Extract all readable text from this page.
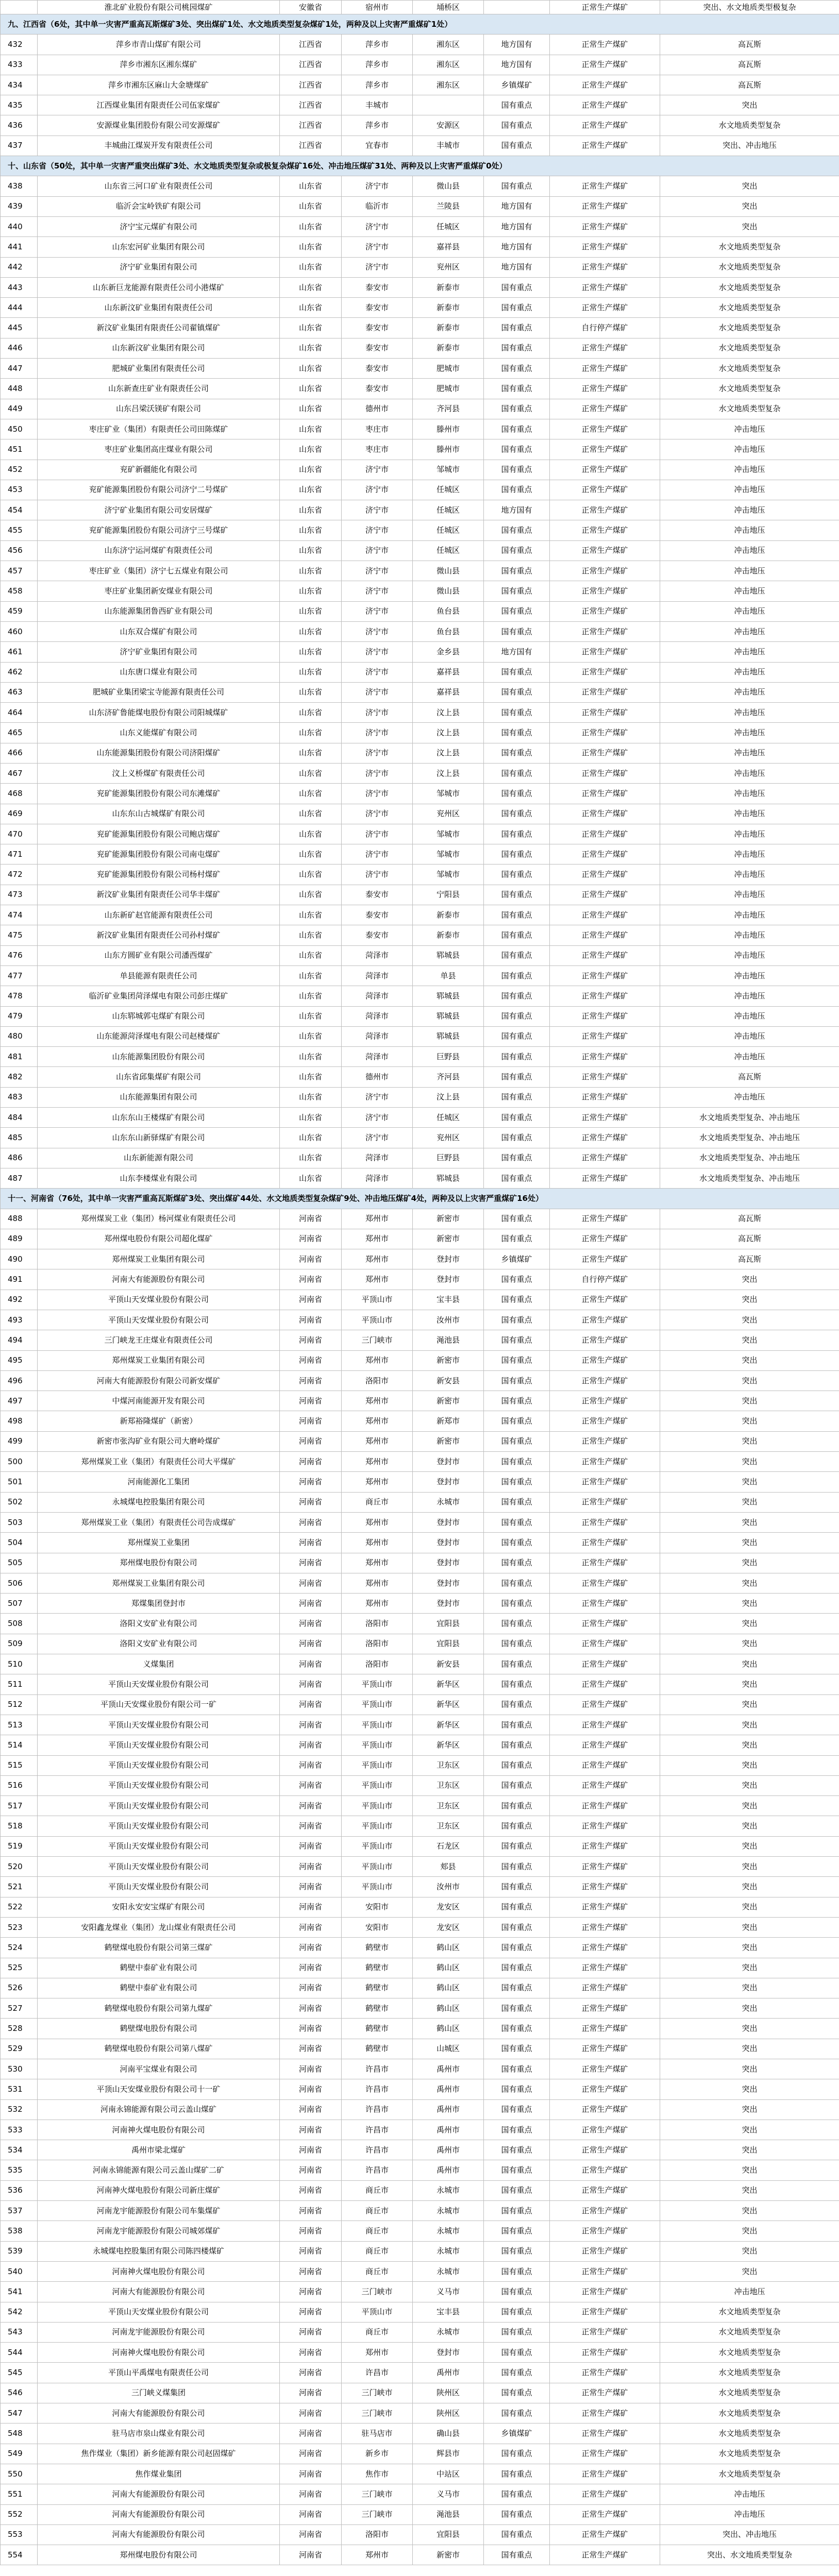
	淮北矿业股份有限公司桃园煤矿	安徽省	宿州市	埇桥区		正常生产煤矿	突出、水文地质类型极复杂
九、江西省（6处，其中单一灾害严重高瓦斯煤矿3处、突出煤矿1处、水文地质类型复杂煤矿1处，两种及以上灾害严重煤矿1处）							
432	萍乡市青山煤矿有限公司	江西省	萍乡市	湘东区	地方国有	正常生产煤矿	高瓦斯
433	萍乡市湘东区湘东煤矿	江西省	萍乡市	湘东区	地方国有	正常生产煤矿	高瓦斯
434	萍乡市湘东区麻山大金塘煤矿	江西省	萍乡市	湘东区	乡镇煤矿	正常生产煤矿	高瓦斯
435	江西煤业集团有限责任公司伍家煤矿	江西省	丰城市		国有重点	正常生产煤矿	突出
436	安源煤业集团股份有限公司安源煤矿	江西省	萍乡市	安源区	国有重点	正常生产煤矿	水文地质类型复杂
437	丰城曲江煤炭开发有限责任公司	江西省	宜春市	丰城市	国有重点	正常生产煤矿	突出、冲击地压
十、山东省（50处，其中单一灾害严重突出煤矿3处、水文地质类型复杂或极复杂煤矿16处、冲击地压煤矿31处、两种及以上灾害严重煤矿0处）							
438	山东省三河口矿业有限责任公司	山东省	济宁市	微山县	国有重点	正常生产煤矿	突出
439	临沂会宝岭铁矿有限公司	山东省	临沂市	兰陵县	地方国有	正常生产煤矿	突出
440	济宁宝元煤矿有限公司	山东省	济宁市	任城区	地方国有	正常生产煤矿	突出
441	山东宏河矿业集团有限公司	山东省	济宁市	嘉祥县	地方国有	正常生产煤矿	水文地质类型复杂
442	济宁矿业集团有限公司	山东省	济宁市	兖州区	地方国有	正常生产煤矿	水文地质类型复杂
443	山东新巨龙能源有限责任公司小港煤矿	山东省	泰安市	新泰市	国有重点	正常生产煤矿	水文地质类型复杂
444	山东新汶矿业集团有限责任公司	山东省	泰安市	新泰市	国有重点	正常生产煤矿	水文地质类型复杂
445	新汶矿业集团有限责任公司翟镇煤矿	山东省	泰安市	新泰市	国有重点	自行停产煤矿	水文地质类型复杂
446	山东新汶矿业集团有限公司	山东省	泰安市	新泰市	国有重点	正常生产煤矿	水文地质类型复杂
447	肥城矿业集团有限责任公司	山东省	泰安市	肥城市	国有重点	正常生产煤矿	水文地质类型复杂
448	山东新查庄矿业有限责任公司	山东省	泰安市	肥城市	国有重点	正常生产煤矿	水文地质类型复杂
449	山东吕梁沃镁矿有限公司	山东省	德州市	齐河县	国有重点	正常生产煤矿	水文地质类型复杂
450	枣庄矿业（集团）有限责任公司田陈煤矿	山东省	枣庄市	滕州市	国有重点	正常生产煤矿	冲击地压
451	枣庄矿业集团高庄煤业有限公司	山东省	枣庄市	滕州市	国有重点	正常生产煤矿	冲击地压
452	兖矿新疆能化有限公司	山东省	济宁市	邹城市	国有重点	正常生产煤矿	冲击地压
453	兖矿能源集团股份有限公司济宁二号煤矿	山东省	济宁市	任城区	国有重点	正常生产煤矿	冲击地压
454	济宁矿业集团有限公司安居煤矿	山东省	济宁市	任城区	地方国有	正常生产煤矿	冲击地压
455	兖矿能源集团股份有限公司济宁三号煤矿	山东省	济宁市	任城区	国有重点	正常生产煤矿	冲击地压
456	山东济宁运河煤矿有限责任公司	山东省	济宁市	任城区	国有重点	正常生产煤矿	冲击地压
457	枣庄矿业（集团）济宁七五煤业有限公司	山东省	济宁市	微山县	国有重点	正常生产煤矿	冲击地压
458	枣庄矿业集团新安煤业有限公司	山东省	济宁市	微山县	国有重点	正常生产煤矿	冲击地压
459	山东能源集团鲁西矿业有限公司	山东省	济宁市	鱼台县	国有重点	正常生产煤矿	冲击地压
460	山东双合煤矿有限公司	山东省	济宁市	鱼台县	国有重点	正常生产煤矿	冲击地压
461	济宁矿业集团有限公司	山东省	济宁市	金乡县	地方国有	正常生产煤矿	冲击地压
462	山东唐口煤业有限公司	山东省	济宁市	嘉祥县	国有重点	正常生产煤矿	冲击地压
463	肥城矿业集团梁宝寺能源有限责任公司	山东省	济宁市	嘉祥县	国有重点	正常生产煤矿	冲击地压
464	山东济矿鲁能煤电股份有限公司阳城煤矿	山东省	济宁市	汶上县	国有重点	正常生产煤矿	冲击地压
465	山东义能煤矿有限公司	山东省	济宁市	汶上县	国有重点	正常生产煤矿	冲击地压
466	山东能源集团股份有限公司济阳煤矿	山东省	济宁市	汶上县	国有重点	正常生产煤矿	冲击地压
467	汶上义桥煤矿有限责任公司	山东省	济宁市	汶上县	国有重点	正常生产煤矿	冲击地压
468	兖矿能源集团股份有限公司东滩煤矿	山东省	济宁市	邹城市	国有重点	正常生产煤矿	冲击地压
469	山东东山古城煤矿有限公司	山东省	济宁市	兖州区	国有重点	正常生产煤矿	冲击地压
470	兖矿能源集团股份有限公司鲍店煤矿	山东省	济宁市	邹城市	国有重点	正常生产煤矿	冲击地压
471	兖矿能源集团股份有限公司南屯煤矿	山东省	济宁市	邹城市	国有重点	正常生产煤矿	冲击地压
472	兖矿能源集团股份有限公司杨村煤矿	山东省	济宁市	邹城市	国有重点	正常生产煤矿	冲击地压
473	新汶矿业集团有限责任公司华丰煤矿	山东省	泰安市	宁阳县	国有重点	正常生产煤矿	冲击地压
474	山东新矿赵官能源有限责任公司	山东省	泰安市	新泰市	国有重点	正常生产煤矿	冲击地压
475	新汶矿业集团有限责任公司孙村煤矿	山东省	泰安市	新泰市	国有重点	正常生产煤矿	冲击地压
476	山东方圆矿业有限公司潘西煤矿	山东省	菏泽市	郓城县	国有重点	正常生产煤矿	冲击地压
477	单县能源有限责任公司	山东省	菏泽市	单县	国有重点	正常生产煤矿	冲击地压
478	临沂矿业集团菏泽煤电有限公司彭庄煤矿	山东省	菏泽市	郓城县	国有重点	正常生产煤矿	冲击地压
479	山东郓城郭屯煤矿有限公司	山东省	菏泽市	郓城县	国有重点	正常生产煤矿	冲击地压
480	山东能源菏泽煤电有限公司赵楼煤矿	山东省	菏泽市	郓城县	国有重点	正常生产煤矿	冲击地压
481	山东能源集团股份有限公司	山东省	菏泽市	巨野县	国有重点	正常生产煤矿	冲击地压
482	山东省邱集煤矿有限公司	山东省	德州市	齐河县	国有重点	正常生产煤矿	高瓦斯
483	山东能源集团有限公司	山东省	济宁市	汶上县	国有重点	正常生产煤矿	冲击地压
484	山东东山王楼煤矿有限公司	山东省	济宁市	任城区	国有重点	正常生产煤矿	水文地质类型复杂、冲击地压
485	山东东山新驿煤矿有限公司	山东省	济宁市	兖州区	国有重点	正常生产煤矿	水文地质类型复杂、冲击地压
486	山东新能源有限公司	山东省	菏泽市	巨野县	国有重点	正常生产煤矿	水文地质类型复杂、冲击地压
487	山东李楼煤业有限公司	山东省	菏泽市	郓城县	国有重点	正常生产煤矿	水文地质类型复杂、冲击地压
十一、河南省（76处，其中单一灾害严重高瓦斯煤矿3处、突出煤矿44处、水文地质类型复杂煤矿9处、冲击地压煤矿4处，两种及以上灾害严重煤矿16处）							
488	郑州煤炭工业（集团）杨河煤业有限责任公司	河南省	郑州市	新密市	国有重点	正常生产煤矿	高瓦斯
489	郑州煤电股份有限公司超化煤矿	河南省	郑州市	新密市	国有重点	正常生产煤矿	高瓦斯
490	郑州煤炭工业集团有限公司	河南省	郑州市	登封市	乡镇煤矿	正常生产煤矿	高瓦斯
491	河南大有能源股份有限公司	河南省	郑州市	登封市	国有重点	自行停产煤矿	突出
492	平顶山天安煤业股份有限公司	河南省	平顶山市	宝丰县	国有重点	正常生产煤矿	突出
493	平顶山天安煤业股份有限公司	河南省	平顶山市	汝州市	国有重点	正常生产煤矿	突出
494	三门峡龙王庄煤业有限责任公司	河南省	三门峡市	渑池县	国有重点	正常生产煤矿	突出
495	郑州煤炭工业集团有限公司	河南省	郑州市	新密市	国有重点	正常生产煤矿	突出
496	河南大有能源股份有限公司新安煤矿	河南省	洛阳市	新安县	国有重点	正常生产煤矿	突出
497	中煤河南能源开发有限公司	河南省	郑州市	新密市	国有重点	正常生产煤矿	突出
498	新郑裕隆煤矿（新密）	河南省	郑州市	新郑市	国有重点	正常生产煤矿	突出
499	新密市张沟矿业有限公司大磨岭煤矿	河南省	郑州市	新密市	国有重点	正常生产煤矿	突出
500	郑州煤炭工业（集团）有限责任公司大平煤矿	河南省	郑州市	登封市	国有重点	正常生产煤矿	突出
501	河南能源化工集团	河南省	郑州市	登封市	国有重点	正常生产煤矿	突出
502	永城煤电控股集团有限公司	河南省	商丘市	永城市	国有重点	正常生产煤矿	突出
503	郑州煤炭工业（集团）有限责任公司告成煤矿	河南省	郑州市	登封市	国有重点	正常生产煤矿	突出
504	郑州煤炭工业集团	河南省	郑州市	登封市	国有重点	正常生产煤矿	突出
505	郑州煤电股份有限公司	河南省	郑州市	登封市	国有重点	正常生产煤矿	突出
506	郑州煤炭工业集团有限公司	河南省	郑州市	登封市	国有重点	正常生产煤矿	突出
507	郑煤集团登封市	河南省	郑州市	登封市	国有重点	正常生产煤矿	突出
508	洛阳义安矿业有限公司	河南省	洛阳市	宜阳县	国有重点	正常生产煤矿	突出
509	洛阳义安矿业有限公司	河南省	洛阳市	宜阳县	国有重点	正常生产煤矿	突出
510	义煤集团	河南省	洛阳市	新安县	国有重点	正常生产煤矿	突出
511	平顶山天安煤业股份有限公司	河南省	平顶山市	新华区	国有重点	正常生产煤矿	突出
512	平顶山天安煤业股份有限公司一矿	河南省	平顶山市	新华区	国有重点	正常生产煤矿	突出
513	平顶山天安煤业股份有限公司	河南省	平顶山市	新华区	国有重点	正常生产煤矿	突出
514	平顶山天安煤业股份有限公司	河南省	平顶山市	新华区	国有重点	正常生产煤矿	突出
515	平顶山天安煤业股份有限公司	河南省	平顶山市	卫东区	国有重点	正常生产煤矿	突出
516	平顶山天安煤业股份有限公司	河南省	平顶山市	卫东区	国有重点	正常生产煤矿	突出
517	平顶山天安煤业股份有限公司	河南省	平顶山市	卫东区	国有重点	正常生产煤矿	突出
518	平顶山天安煤业股份有限公司	河南省	平顶山市	卫东区	国有重点	正常生产煤矿	突出
519	平顶山天安煤业股份有限公司	河南省	平顶山市	石龙区	国有重点	正常生产煤矿	突出
520	平顶山天安煤业股份有限公司	河南省	平顶山市	郏县	国有重点	正常生产煤矿	突出
521	平顶山天安煤业股份有限公司	河南省	平顶山市	汝州市	国有重点	正常生产煤矿	突出
522	安阳永安安宝煤矿有限公司	河南省	安阳市	龙安区	国有重点	正常生产煤矿	突出
523	安阳鑫龙煤业（集团）龙山煤业有限责任公司	河南省	安阳市	龙安区	国有重点	正常生产煤矿	突出
524	鹤壁煤电股份有限公司第三煤矿	河南省	鹤壁市	鹤山区	国有重点	正常生产煤矿	突出
525	鹤壁中泰矿业有限公司	河南省	鹤壁市	鹤山区	国有重点	正常生产煤矿	突出
526	鹤壁中泰矿业有限公司	河南省	鹤壁市	鹤山区	国有重点	正常生产煤矿	突出
527	鹤壁煤电股份有限公司第九煤矿	河南省	鹤壁市	鹤山区	国有重点	正常生产煤矿	突出
528	鹤壁煤电股份有限公司	河南省	鹤壁市	鹤山区	国有重点	正常生产煤矿	突出
529	鹤壁煤电股份有限公司第八煤矿	河南省	鹤壁市	山城区	国有重点	正常生产煤矿	突出
530	河南平宝煤业有限公司	河南省	许昌市	禹州市	国有重点	正常生产煤矿	突出
531	平顶山天安煤业股份有限公司十一矿	河南省	许昌市	禹州市	国有重点	正常生产煤矿	突出
532	河南永锦能源有限公司云盖山煤矿	河南省	许昌市	禹州市	国有重点	正常生产煤矿	突出
533	河南神火煤电股份有限公司	河南省	许昌市	禹州市	国有重点	正常生产煤矿	突出
534	禹州市梁北煤矿	河南省	许昌市	禹州市	国有重点	正常生产煤矿	突出
535	河南永锦能源有限公司云盖山煤矿二矿	河南省	许昌市	禹州市	国有重点	正常生产煤矿	突出
536	河南神火煤电股份有限公司新庄煤矿	河南省	商丘市	永城市	国有重点	正常生产煤矿	突出
537	河南龙宇能源股份有限公司车集煤矿	河南省	商丘市	永城市	国有重点	正常生产煤矿	突出
538	河南龙宇能源股份有限公司城郊煤矿	河南省	商丘市	永城市	国有重点	正常生产煤矿	突出
539	永城煤电控股集团有限公司陈四楼煤矿	河南省	商丘市	永城市	国有重点	正常生产煤矿	突出
540	河南神火煤电股份有限公司	河南省	商丘市	永城市	国有重点	正常生产煤矿	突出
541	河南大有能源股份有限公司	河南省	三门峡市	义马市	国有重点	正常生产煤矿	冲击地压
542	平顶山天安煤业股份有限公司	河南省	平顶山市	宝丰县	国有重点	正常生产煤矿	水文地质类型复杂
543	河南龙宇能源股份有限公司	河南省	商丘市	永城市	国有重点	正常生产煤矿	水文地质类型复杂
544	河南神火煤电股份有限公司	河南省	郑州市	登封市	国有重点	正常生产煤矿	水文地质类型复杂
545	平顶山平禹煤电有限责任公司	河南省	许昌市	禹州市	国有重点	正常生产煤矿	水文地质类型复杂
546	三门峡义煤集团	河南省	三门峡市	陕州区	国有重点	正常生产煤矿	水文地质类型复杂
547	河南大有能源股份有限公司	河南省	三门峡市	陕州区	国有重点	正常生产煤矿	水文地质类型复杂
548	驻马店市泉山煤业有限公司	河南省	驻马店市	确山县	乡镇煤矿	正常生产煤矿	水文地质类型复杂
549	焦作煤业（集团）新乡能源有限公司赵固煤矿	河南省	新乡市	辉县市	国有重点	正常生产煤矿	水文地质类型复杂
550	焦作煤业集团	河南省	焦作市	中站区	国有重点	正常生产煤矿	水文地质类型复杂
551	河南大有能源股份有限公司	河南省	三门峡市	义马市	国有重点	正常生产煤矿	冲击地压
552	河南大有能源股份有限公司	河南省	三门峡市	渑池县	国有重点	正常生产煤矿	冲击地压
553	河南大有能源股份有限公司	河南省	洛阳市	宜阳县	国有重点	正常生产煤矿	突出、冲击地压
554	郑州煤电股份有限公司	河南省	郑州市	新密市	国有重点	正常生产煤矿	突出、水文地质类型复杂
